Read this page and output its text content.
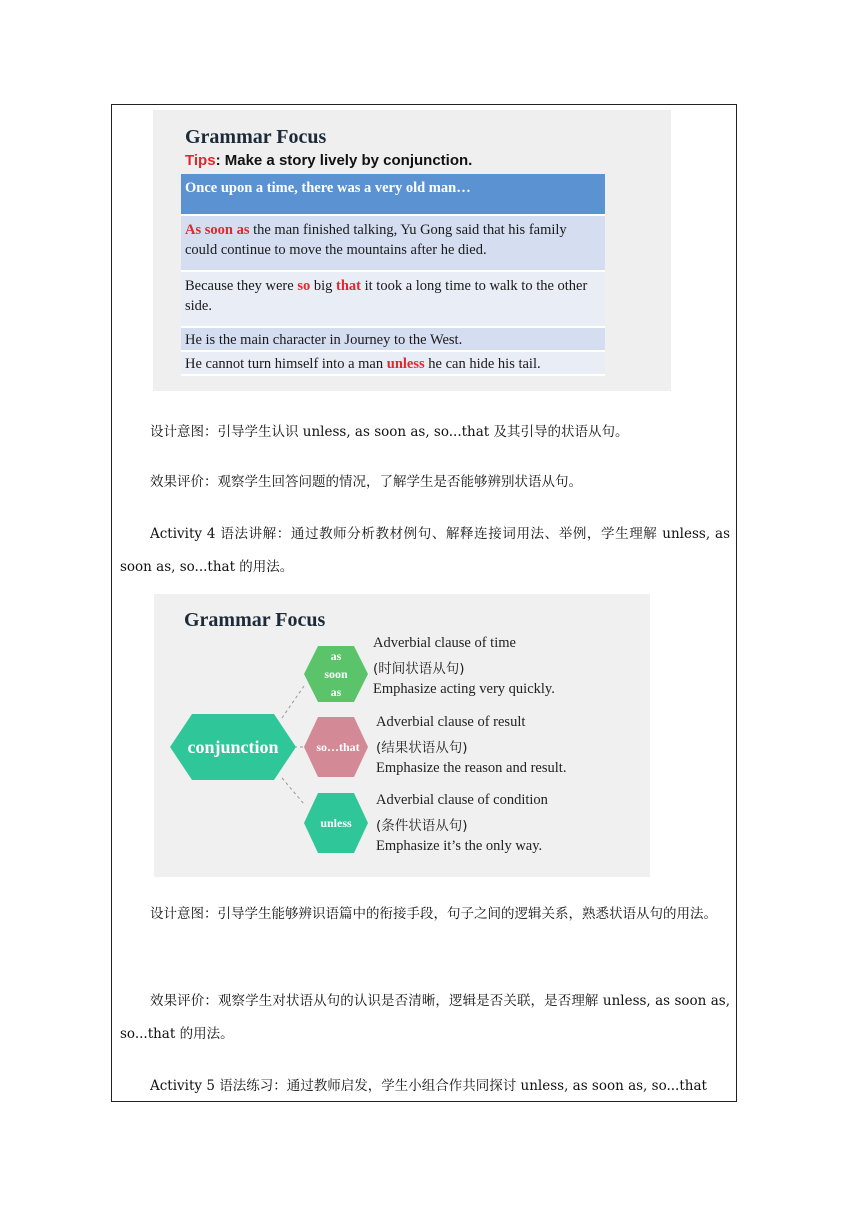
Grammar Focus
Tips: Make a story lively by conjunction.
Once upon a time, there was a very old man…
As soon as the man finished talking, Yu Gong said that his family could continue to move the mountains after he died.
Because they were so big that it took a long time to walk to the other side.
He is the main character in Journey to the West.
He cannot turn himself into a man unless he can hide his tail.
设计意图：引导学生认识 unless, as soon as, so...that 及其引导的状语从句。
效果评价：观察学生回答问题的情况，了解学生是否能够辨别状语从句。
Activity 4 语法讲解：通过教师分析教材例句、解释连接词用法、举例，学生理解 unless, as soon as, so...that 的用法。
Grammar Focus
conjunction
as
soon
as
so…that
unless
Adverbial clause of time
(时间状语从句)
Emphasize acting very quickly.
Adverbial clause of result
(结果状语从句)
Emphasize the reason and result.
Adverbial clause of condition
(条件状语从句)
Emphasize it’s the only way.
设计意图：引导学生能够辨识语篇中的衔接手段，句子之间的逻辑关系，熟悉状语从句的用法。
效果评价：观察学生对状语从句的认识是否清晰，逻辑是否关联，是否理解 unless, as soon as, so...that 的用法。
Activity 5 语法练习：通过教师启发，学生小组合作共同探讨 unless, as soon as, so...that
